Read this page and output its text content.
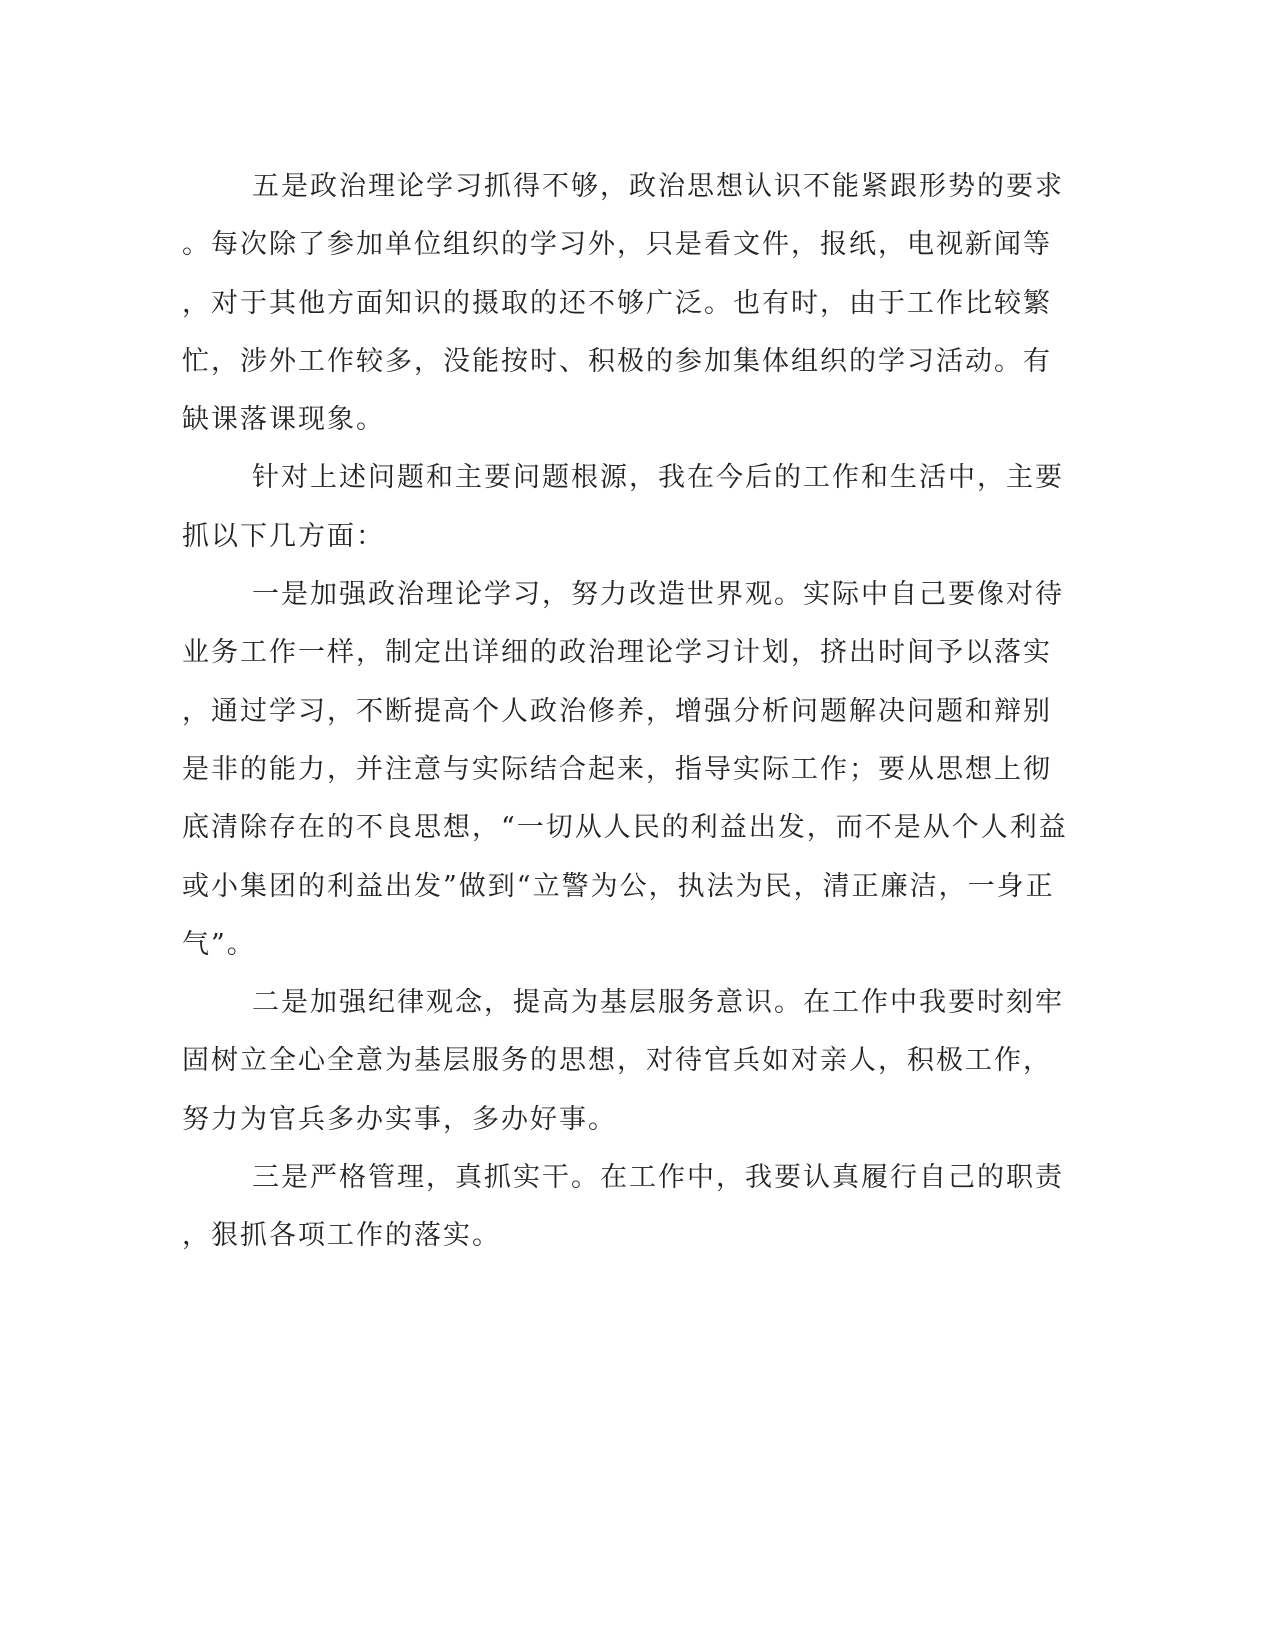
五是政治理论学习抓得不够，政治思想认识不能紧跟形势的要求
。每次除了参加单位组织的学习外，只是看文件，报纸，电视新闻等
，对于其他方面知识的摄取的还不够广泛。也有时，由于工作比较繁
忙，涉外工作较多，没能按时、积极的参加集体组织的学习活动。有
缺课落课现象。
针对上述问题和主要问题根源，我在今后的工作和生活中，主要
抓以下几方面：
一是加强政治理论学习，努力改造世界观。实际中自己要像对待
业务工作一样，制定出详细的政治理论学习计划，挤出时间予以落实
，通过学习，不断提高个人政治修养，增强分析问题解决问题和辩别
是非的能力，并注意与实际结合起来，指导实际工作；要从思想上彻
底清除存在的不良思想，“一切从人民的利益出发，而不是从个人利益
或小集团的利益出发”做到“立警为公，执法为民，清正廉洁，一身正
气”。
二是加强纪律观念，提高为基层服务意识。在工作中我要时刻牢
固树立全心全意为基层服务的思想，对待官兵如对亲人，积极工作，
努力为官兵多办实事，多办好事。
三是严格管理，真抓实干。在工作中，我要认真履行自己的职责
，狠抓各项工作的落实。
